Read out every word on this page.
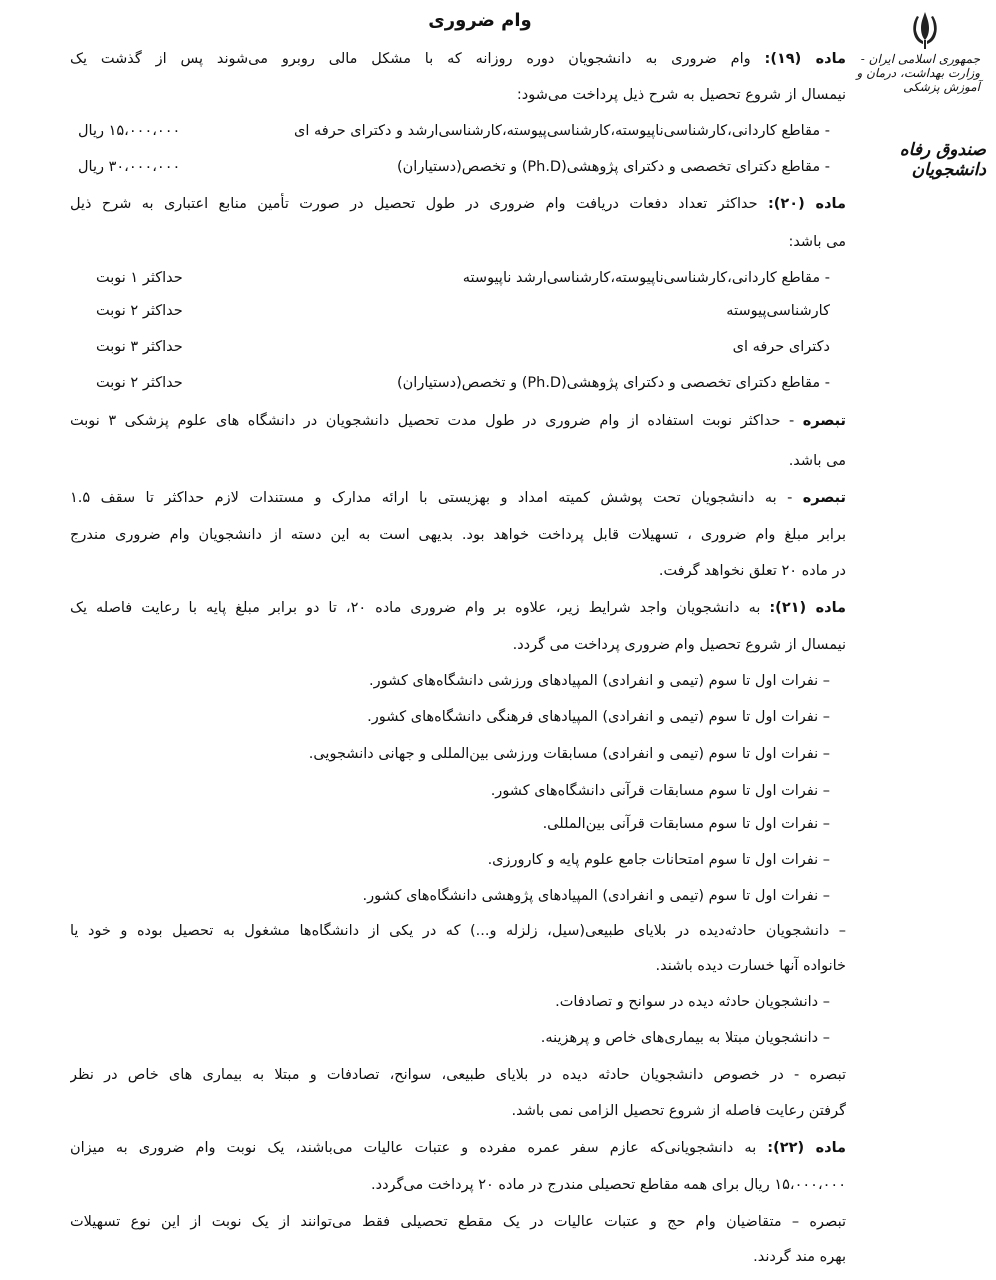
جمهوری اسلامی ایران - وزارت بهداشت، درمان و آموزش پزشکی
صندوق رفاه دانشجویان
وام ضروری
ماده (۱۹): وام ضروری به دانشجویان دوره روزانه که با مشکل مالی روبرو می‌شوند پس از گذشت یک
نیمسال از شروع تحصیل به شرح ذیل پرداخت می‌شود:
- مقاطع کاردانی،کارشناسی‌ناپیوسته،کارشناسی‌پیوسته،کارشناسی‌ارشد و دکترای حرفه ای
- مقاطع دکترای تخصصی و دکترای پژوهشی(Ph.D) و تخصص(دستیاران)
ماده (۲۰): حداکثر تعداد دفعات دریافت وام ضروری در طول تحصیل در صورت تأمین منابع اعتباری به شرح ذیل
می باشد:
- مقاطع کاردانی،کارشناسی‌ناپیوسته،کارشناسی‌ارشد ناپیوسته
کارشناسی‌پیوسته
دکترای حرفه ای
- مقاطع دکترای تخصصی و دکترای پژوهشی(Ph.D) و تخصص(دستیاران)
تبصره - حداکثر نوبت استفاده از وام ضروری در طول مدت تحصیل دانشجویان در دانشگاه های علوم پزشکی ۳ نوبت
می باشد.
تبصره - به دانشجویان تحت پوشش کمیته امداد و بهزیستی با ارائه مدارک و مستندات لازم حداکثر تا سقف ۱.۵
برابر مبلغ وام ضروری ، تسهیلات قابل پرداخت خواهد بود. بدیهی است به این دسته از دانشجویان وام ضروری مندرج
در ماده ۲۰ تعلق نخواهد گرفت.
ماده (۲۱): به دانشجویان واجد شرایط زیر، علاوه بر وام ضروری ماده ۲۰، تا دو برابر مبلغ پایه با رعایت فاصله یک
نیمسال از شروع تحصیل وام ضروری پرداخت می گردد.
– نفرات اول تا سوم (تیمی و انفرادی) المپیادهای ورزشی دانشگاه‌های کشور.
– نفرات اول تا سوم (تیمی و انفرادی) المپیادهای فرهنگی دانشگاه‌های کشور.
– نفرات اول تا سوم (تیمی و انفرادی) مسابقات ورزشی بین‌المللی و جهانی دانشجویی.
– نفرات اول تا سوم مسابقات قرآنی دانشگاه‌های کشور.
– نفرات اول تا سوم مسابقات قرآنی بین‌المللی.
– نفرات اول تا سوم امتحانات جامع علوم پایه و کارورزی.
– نفرات اول تا سوم (تیمی و انفرادی) المپیادهای پژوهشی دانشگاه‌های کشور.
– دانشجویان حادثه‌دیده در بلایای طبیعی(سیل، زلزله و...) که در یکی از دانشگاه‌ها مشغول به تحصیل بوده و خود یا
خانواده آنها خسارت دیده باشند.
– دانشجویان حادثه دیده در سوانح و تصادفات.
– دانشجویان مبتلا به بیماری‌های خاص و پرهزینه.
تبصره - در خصوص دانشجویان حادثه دیده در بلایای طبیعی، سوانح، تصادفات و مبتلا به بیماری های خاص در نظر
گرفتن رعایت فاصله از شروع تحصیل الزامی نمی باشد.
ماده (۲۲): به دانشجویانی‌که عازم سفر عمره مفرده و عتبات عالیات می‌باشند، یک نوبت وام ضروری به میزان
۱۵،۰۰۰،۰۰۰ ریال برای همه مقاطع تحصیلی مندرج در ماده ۲۰ پرداخت می‌گردد.
تبصره – متقاضیان وام حج و عتبات عالیات در یک مقطع تحصیلی فقط می‌توانند از یک نوبت از این نوع تسهیلات
بهره مند گردند.
۱۵،۰۰۰،۰۰۰ ریال
۳۰،۰۰۰،۰۰۰ ریال
حداکثر ۱ نوبت
حداکثر ۲ نوبت
حداکثر ۳ نوبت
حداکثر ۲ نوبت
